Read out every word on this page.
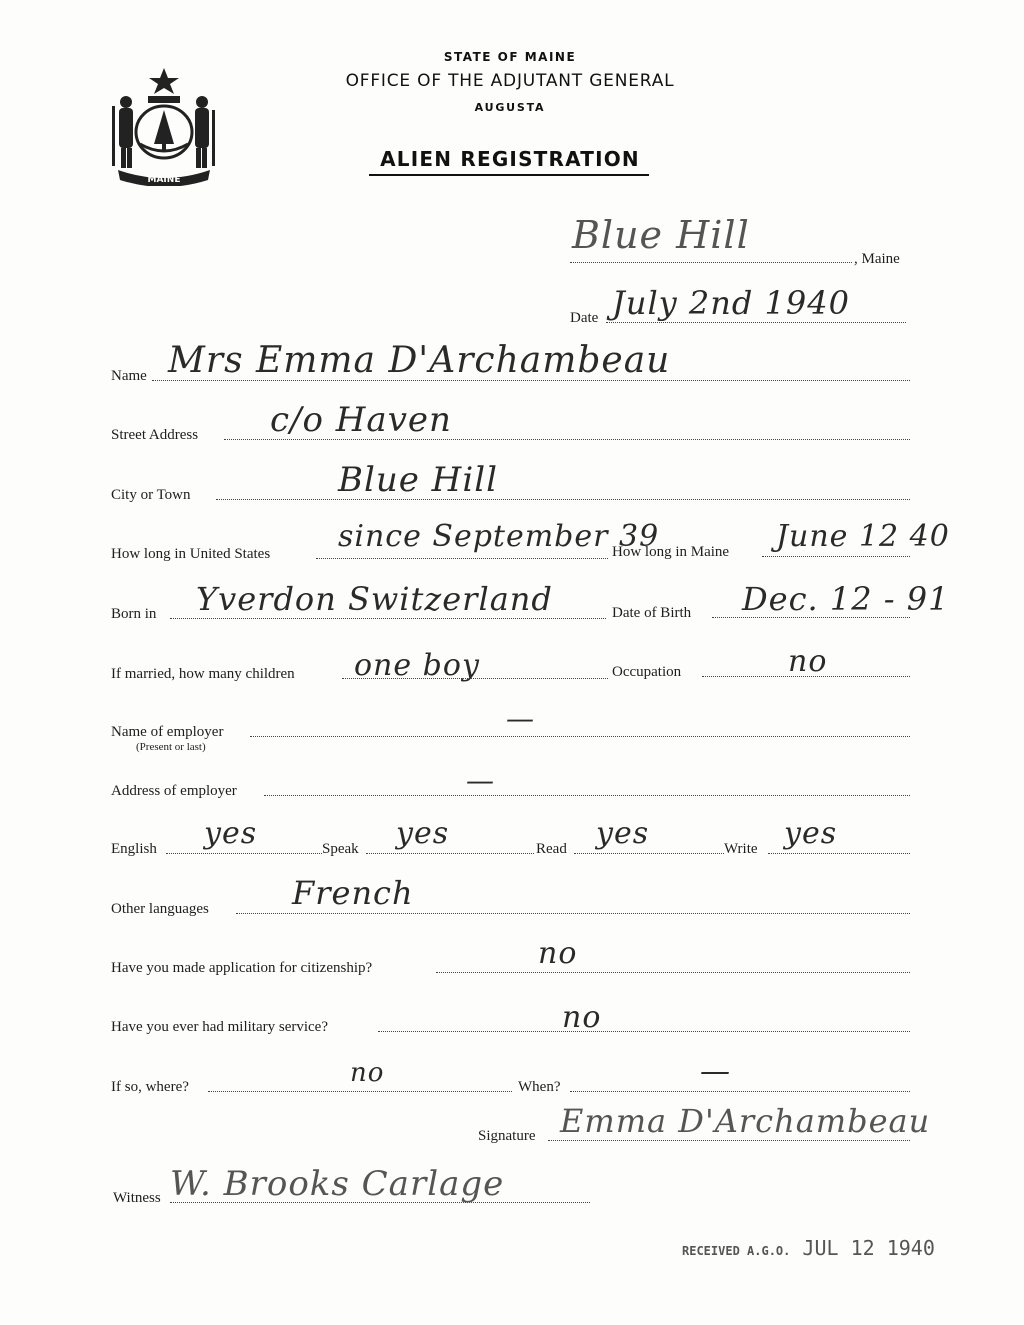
MAINE
STATE OF MAINE
OFFICE OF THE ADJUTANT GENERAL
AUGUSTA
ALIEN REGISTRATION
Blue Hill
, Maine
Date July 2nd 1940
Name Mrs Emma D'Archambeau
Street Address c/o Haven
City or Town	Blue Hill
How long in United States since September 39
How long in Maine June 12 40
Born in Yverdon Switzerland	Date of Birth Dec. 12 - 91
If married, how many children one boy	Occupation	no
Name of employer
(Present or last)
—
Address of employer	—
English yes	Speak yes	Read yes	Write yes
Other languages	French
Have you made application for citizenship?	no
Have you ever had military service?	no
If so, where?	no	When?	—
Signature Emma D'Archambeau
Witness W. Brooks Carlage
RECEIVED A.G.O. JUL 12 1940
